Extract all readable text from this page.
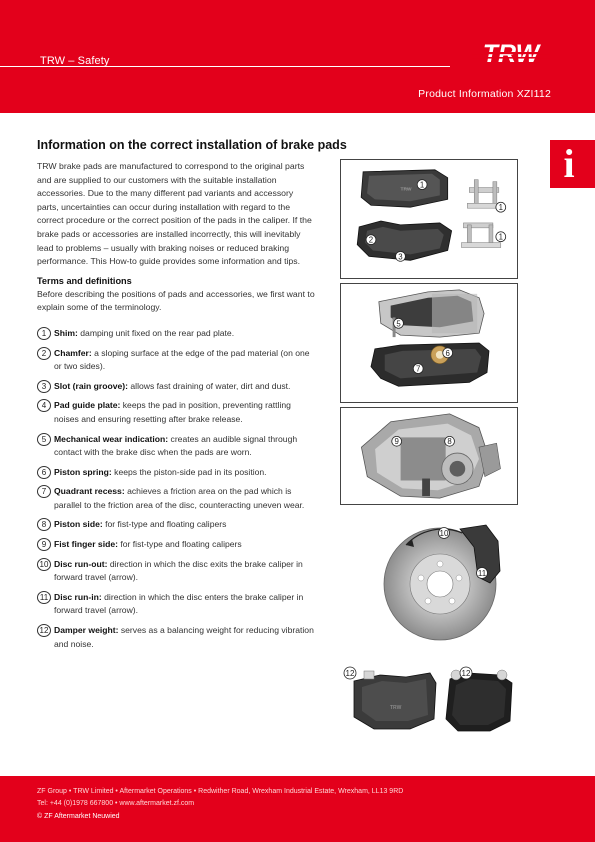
TRW – Safety
Product Information XZI112
i
Information on the correct installation of brake pads

TRW brake pads are manufactured to correspond to the original parts and are supplied to our customers with the suitable installation accessories. Due to the many different pad variants and accessory parts, uncertainties can occur during installation with regard to the correct procedure or the correct position of the pads in the caliper. If the brake pads or accessories are installed incorrectly, this will inevitably lead to problems – usually with braking noises or reduced braking performance. This How-to guide provides some information and tips.

Terms and definitions

Before describing the positions of pads and accessories, we first want to explain some of the terminology.

1 Shim: damping unit fixed on the rear pad plate.
2 Chamfer: a sloping surface at the edge of the pad material (on one or two sides).
3 Slot (rain groove): allows fast draining of water, dirt and dust.
4 Pad guide plate: keeps the pad in position, preventing rattling noises and ensuring resetting after brake release.
5 Mechanical wear indication: creates an audible signal through contact with the brake disc when the pads are worn.
6 Piston spring: keeps the piston-side pad in its position.
7 Quadrant recess: achieves a friction area on the pad which is parallel to the friction area of the disc, counteracting uneven wear.
8 Piston side: for fist-type and floating calipers
9 Fist finger side: for fist-type and floating calipers
10 Disc run-out: direction in which the disc exits the brake caliper in forward travel (arrow).
11 Disc run-in: direction in which the disc enters the brake caliper in forward travel (arrow).
12 Damper weight: serves as a balancing weight for reducing vibration and noise.
TRW
1
1
1
2
3
5
6
7
9	8
10
11
TRW
12	12
ZF Group • TRW Limited • Aftermarket Operations • Redwither Road, Wrexham Industrial Estate, Wrexham, LL13 9RD
Tel: +44 (0)1978 667800 • www.aftermarket.zf.com
© ZF Aftermarket Neuwied
